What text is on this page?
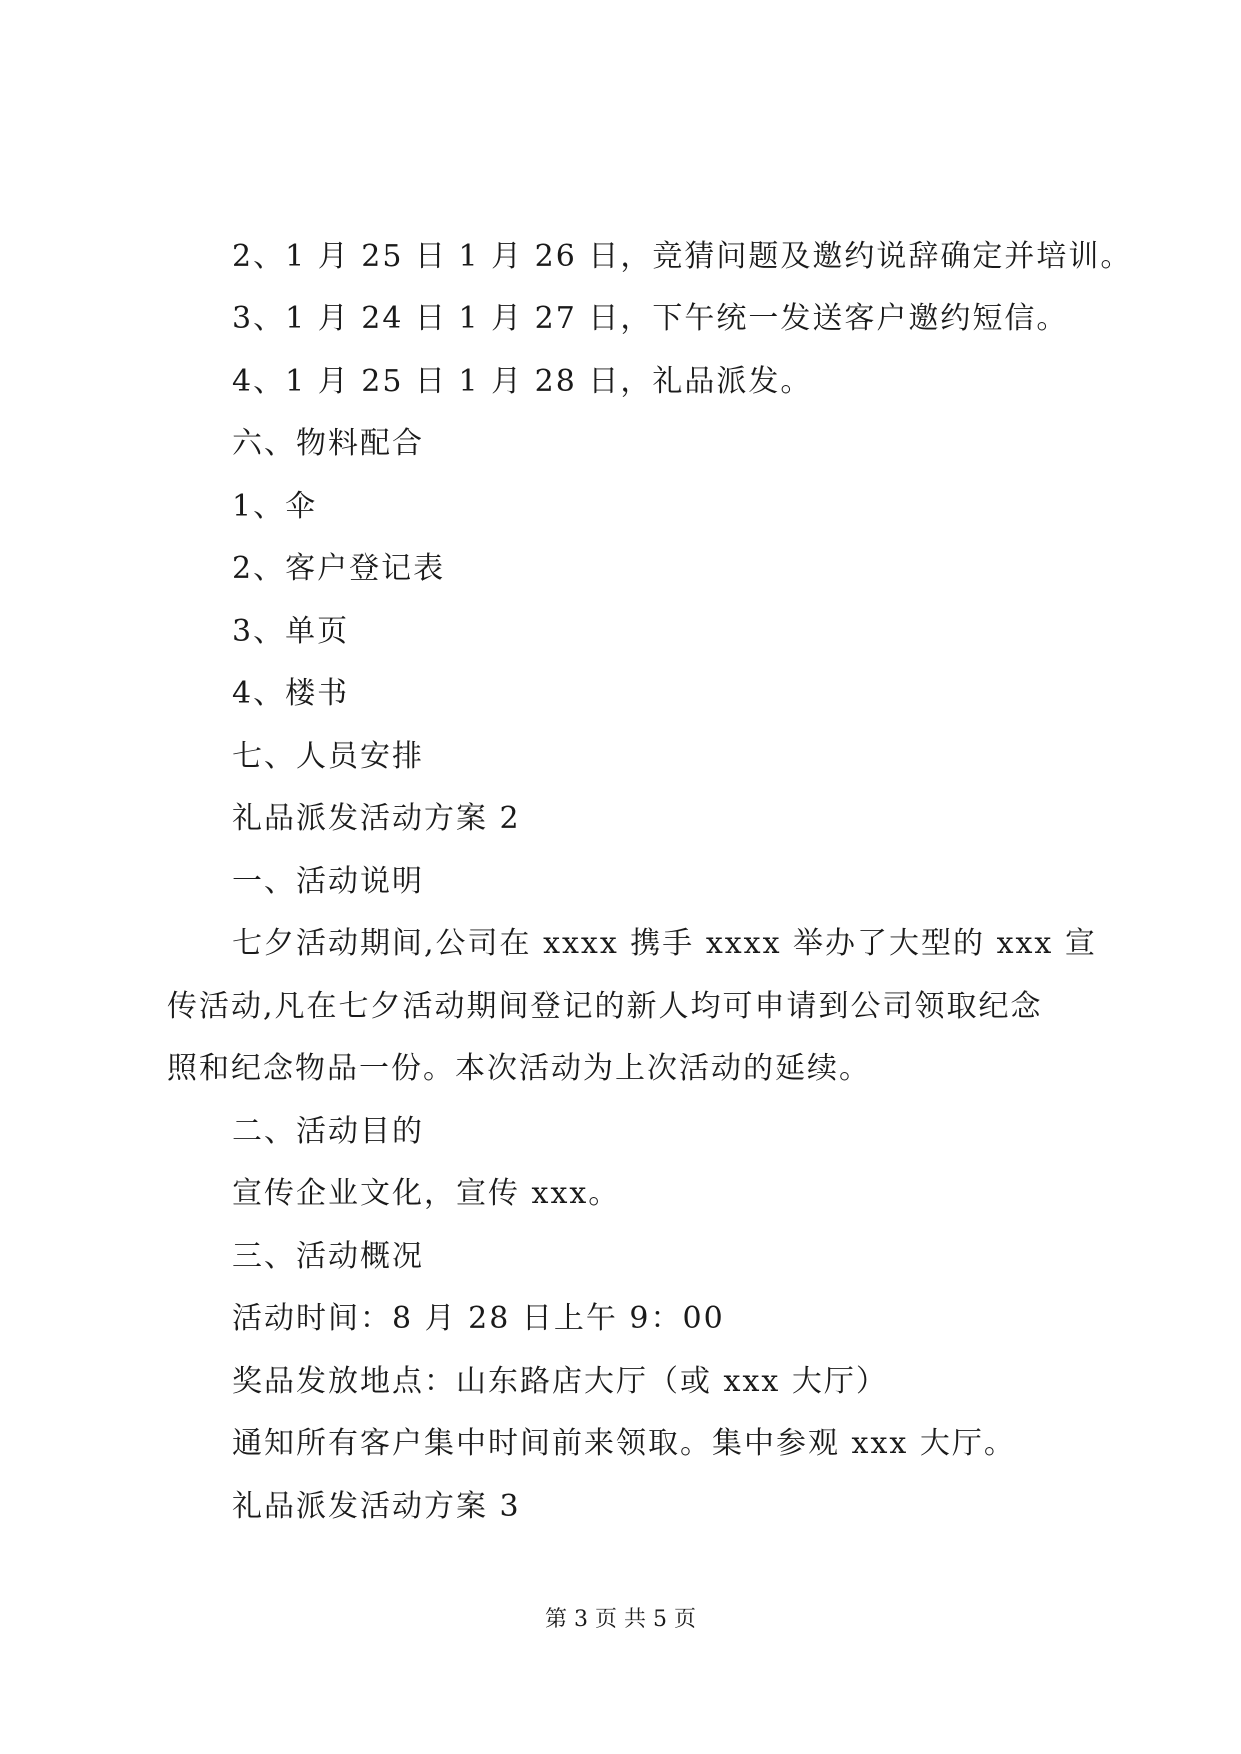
2、1 月 25 日 1 月 26 日，竞猜问题及邀约说辞确定并培训。
3、1 月 24 日 1 月 27 日，下午统一发送客户邀约短信。
4、1 月 25 日 1 月 28 日，礼品派发。
六、物料配合
1、伞
2、客户登记表
3、单页
4、楼书
七、人员安排
礼品派发活动方案 2
一、活动说明
七夕活动期间,公司在 xxxx 携手 xxxx 举办了大型的 xxx 宣
传活动,凡在七夕活动期间登记的新人均可申请到公司领取纪念
照和纪念物品一份。本次活动为上次活动的延续。
二、活动目的
宣传企业文化，宣传 xxx。
三、活动概况
活动时间：8 月 28 日上午 9：00
奖品发放地点：山东路店大厅（或 xxx 大厅）
通知所有客户集中时间前来领取。集中参观 xxx 大厅。
礼品派发活动方案 3
第 3 页 共 5 页
